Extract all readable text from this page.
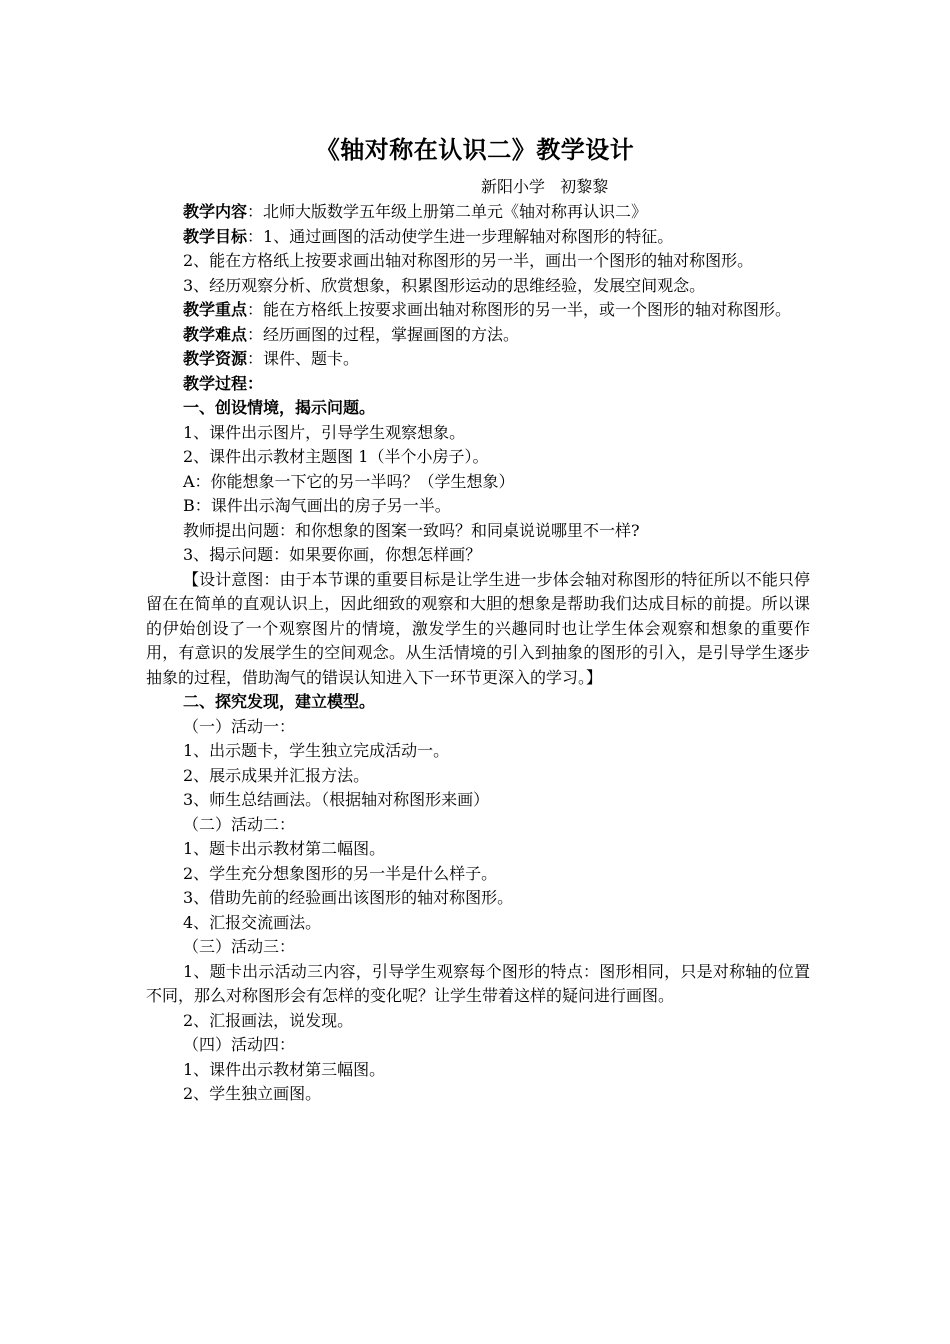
《轴对称在认识二》教学设计
新阳小学   初黎黎

教学内容：北师大版数学五年级上册第二单元《轴对称再认识二》

教学目标：1、通过画图的活动使学生进一步理解轴对称图形的特征。

2、能在方格纸上按要求画出轴对称图形的另一半，画出一个图形的轴对称图形。

3、经历观察分析、欣赏想象，积累图形运动的思维经验，发展空间观念。

教学重点：能在方格纸上按要求画出轴对称图形的另一半，或一个图形的轴对称图形。

教学难点：经历画图的过程，掌握画图的方法。

教学资源：课件、题卡。

教学过程：

一、创设情境，揭示问题。

1、课件出示图片，引导学生观察想象。

2、课件出示教材主题图 1（半个小房子）。

A：你能想象一下它的另一半吗？（学生想象）

B：课件出示淘气画出的房子另一半。

教师提出问题：和你想象的图案一致吗？和同桌说说哪里不一样?

3、揭示问题：如果要你画，你想怎样画？

【设计意图：由于本节课的重要目标是让学生进一步体会轴对称图形的特征所以不能只停留在在简单的直观认识上，因此细致的观察和大胆的想象是帮助我们达成目标的前提。所以课的伊始创设了一个观察图片的情境，激发学生的兴趣同时也让学生体会观察和想象的重要作用，有意识的发展学生的空间观念。从生活情境的引入到抽象的图形的引入，是引导学生逐步抽象的过程，借助淘气的错误认知进入下一环节更深入的学习。】

二、探究发现，建立模型。

（一）活动一：

1、出示题卡，学生独立完成活动一。

2、展示成果并汇报方法。

3、师生总结画法。（根据轴对称图形来画）

（二）活动二：

1、题卡出示教材第二幅图。

2、学生充分想象图形的另一半是什么样子。

3、借助先前的经验画出该图形的轴对称图形。

4、汇报交流画法。

（三）活动三：

1、题卡出示活动三内容，引导学生观察每个图形的特点：图形相同，只是对称轴的位置不同，那么对称图形会有怎样的变化呢？让学生带着这样的疑问进行画图。

2、汇报画法，说发现。

（四）活动四：

1、课件出示教材第三幅图。

2、学生独立画图。
